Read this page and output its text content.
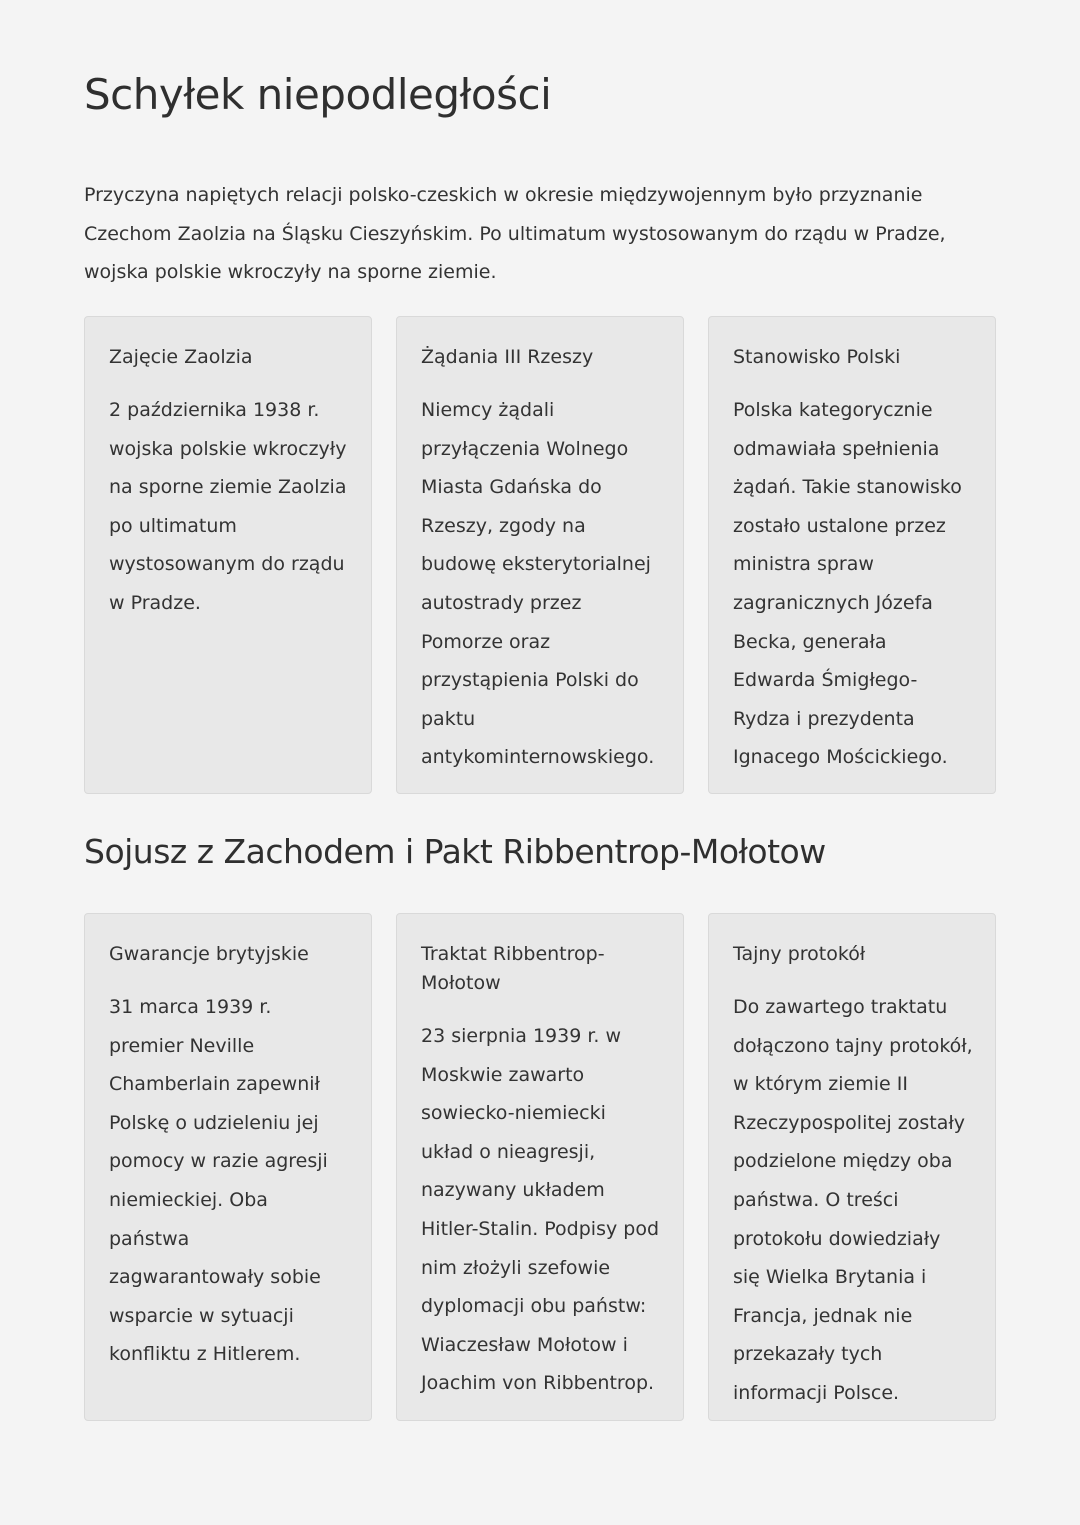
Schyłek niepodległości

Przyczyna napiętych relacji polsko-czeskich w okresie międzywojennym było przyznanie Czechom Zaolzia na Śląsku Cieszyńskim. Po ultimatum wystosowanym do rządu w Pradze, wojska polskie wkroczyły na sporne ziemie.

Zajęcie Zaolzia

2 października 1938 r. wojska polskie wkroczyły na sporne ziemie Zaolzia po ultimatum wystosowanym do rządu w Pradze.

Żądania III Rzeszy

Niemcy żądali przyłączenia Wolnego Miasta Gdańska do Rzeszy, zgody na budowę eksterytorialnej autostrady przez Pomorze oraz przystąpienia Polski do paktu antykominternowskiego.

Stanowisko Polski

Polska kategorycznie odmawiała spełnienia żądań. Takie stanowisko zostało ustalone przez ministra spraw zagranicznych Józefa Becka, generała Edwarda Śmigłego-Rydza i prezydenta Ignacego Mościckiego.

Sojusz z Zachodem i Pakt Ribbentrop-Mołotow
Gwarancje brytyjskie

31 marca 1939 r. premier Neville Chamberlain zapewnił Polskę o udzieleniu jej pomocy w razie agresji niemieckiej. Oba państwa zagwarantowały sobie wsparcie w sytuacji konfliktu z Hitlerem.

Traktat Ribbentrop-Mołotow

23 sierpnia 1939 r. w Moskwie zawarto sowiecko-niemiecki układ o nieagresji, nazywany układem Hitler-Stalin. Podpisy pod nim złożyli szefowie dyplomacji obu państw: Wiaczesław Mołotow i Joachim von Ribbentrop.

Tajny protokół

Do zawartego traktatu dołączono tajny protokół, w którym ziemie II Rzeczypospolitej zostały podzielone między oba państwa. O treści protokołu dowiedziały się Wielka Brytania i Francja, jednak nie przekazały tych informacji Polsce.
